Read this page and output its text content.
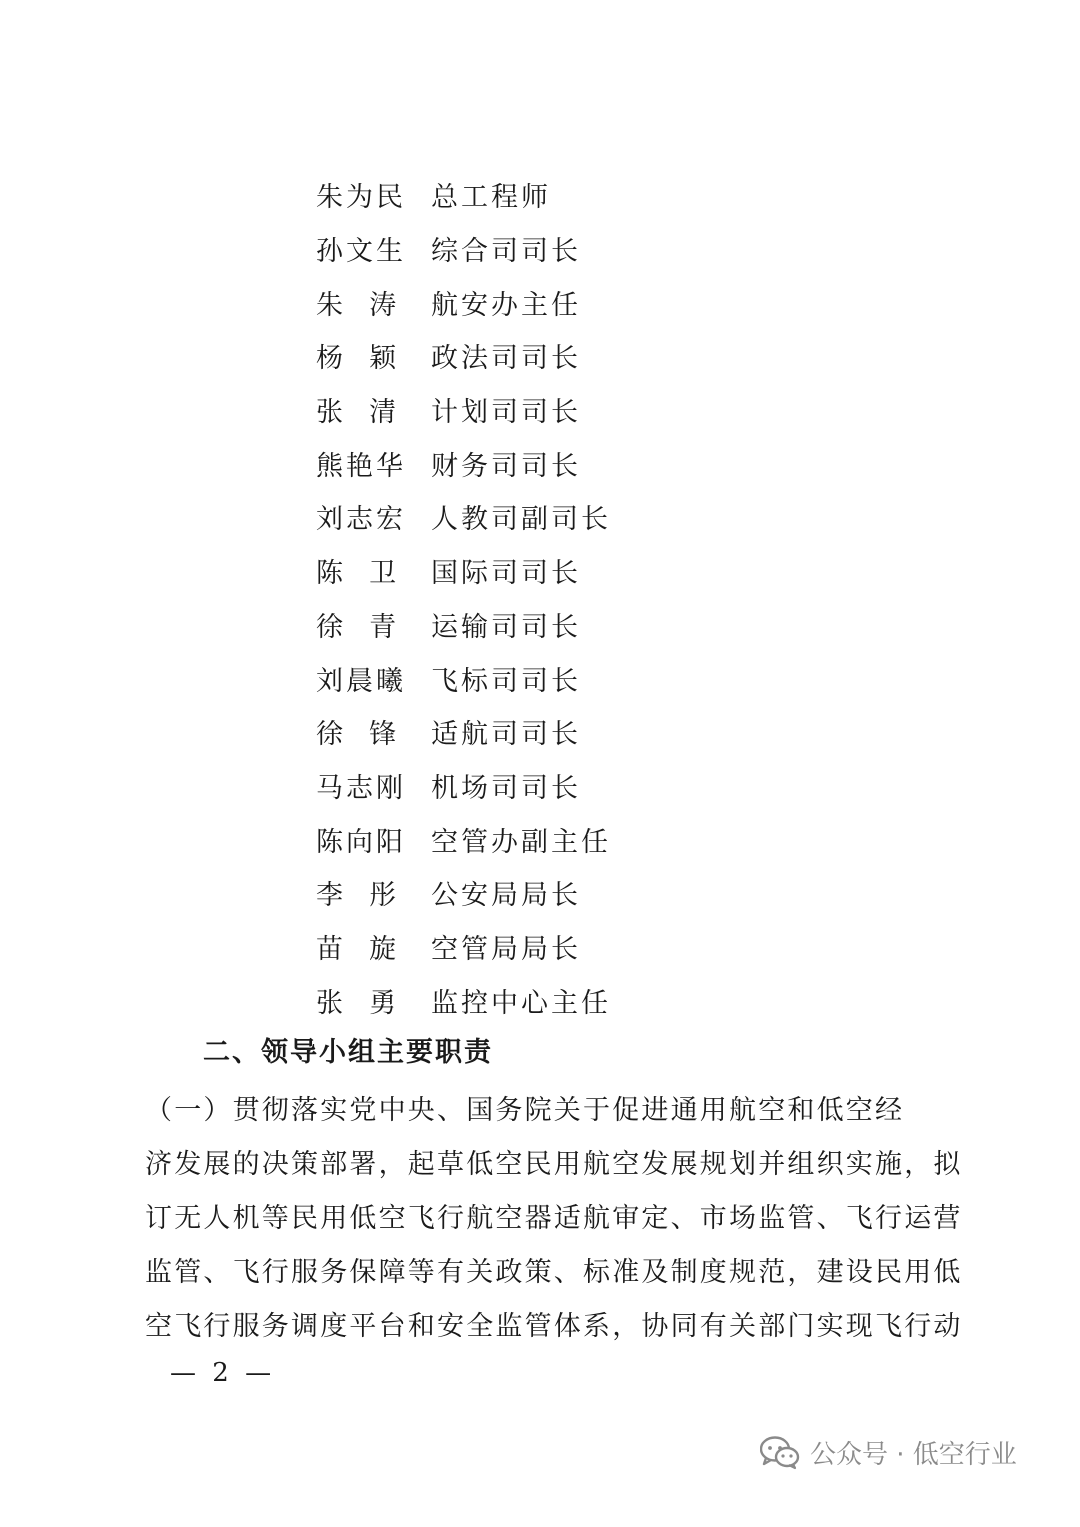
朱为民 总工程师
孙文生 综合司司长
朱  涛	航安办主任
杨  颖	政法司司长
张  清	计划司司长
熊艳华 财务司司长
刘志宏 人教司副司长
陈  卫	国际司司长
徐  青	运输司司长
刘晨曦 飞标司司长
徐  锋	适航司司长
马志刚 机场司司长
陈向阳 空管办副主任
李  彤	公安局局长
苗  旋	空管局局长
张  勇	监控中心主任
二、领导小组主要职责
（一）贯彻落实党中央、国务院关于促进通用航空和低空经
济发展的决策部署，起草低空民用航空发展规划并组织实施，拟
订无人机等民用低空飞行航空器适航审定、市场监管、飞行运营
监管、飞行服务保障等有关政策、标准及制度规范，建设民用低
空飞行服务调度平台和安全监管体系，协同有关部门实现飞行动
— 2 —
公众号 · 低空行业
